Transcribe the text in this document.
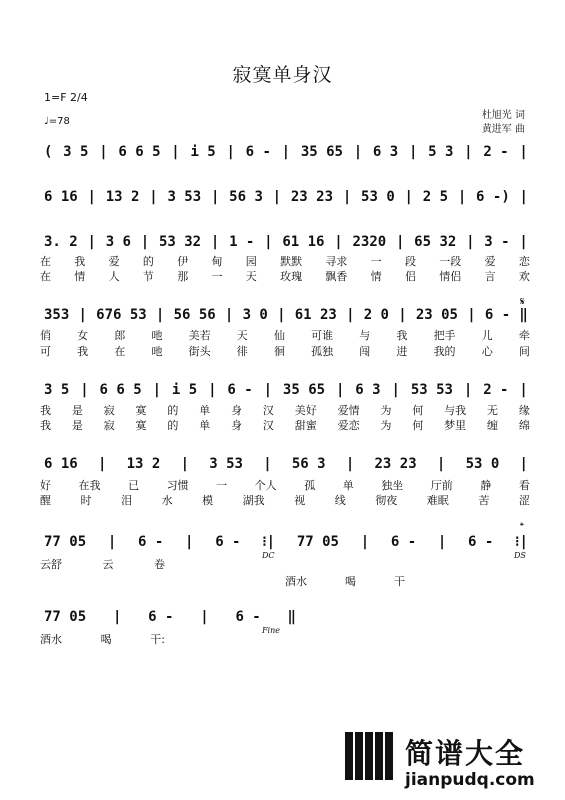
寂寞单身汉
1=F 2/4
♩=78
杜旭光 词
黄进军 曲
( 3 5 | 6 6 5 | i 5 | 6 - | 35 65 | 6 3 | 5 3 | 2 - |
6 16 | 13 2 | 3 53 | 56 3 | 23 23 | 53 0 | 2 5 | 6 -) |
3. 2 | 3 6 | 53 32 | 1 - | 61 16 | 2320 | 65 32 | 3 - |
在 我 爱 的 伊 甸 园 默默 寻求 一 段 一段 爱 恋
在 情 人 节 那 一 天 玫瑰 飘香 情 侣 情侣 言 欢
353 | 676 53 | 56 56 | 3 0 | 61 23 | 2 0 | 23 05 | 6 - ‖
俏 女 郎 吔 美若 天 仙 可谁 与 我 把手 儿 牵
可 我 在 吔 街头 徘 徊 孤独 闯 进 我的 心 间
3 5 | 6 6 5 | i 5 | 6 - | 35 65 | 6 3 | 53 53 | 2 - |
我 是 寂 寞 的 单 身 汉 美好 爱情 为 何 与我 无 缘
我 是 寂 寞 的 单 身 汉 甜蜜 爱恋 为 何 梦里 缠 绵
6 16 | 13 2 | 3 53 | 56 3 | 23 23 | 53 0 |
好	在我	已	习惯	一	个人	孤	单	独坐	厅前	静	看
醒	时	泪	水	模	湖我	视	线	彻夜	难眠	苦	涩
77 05 | 6 - | 6 - ⁝| 77 05 | 6 - | 6 - ⁝|
云舒	云	卷
酒水	喝	干
77 05 | 6 - | 6 - ‖
酒水	喝	干:
DC	DS
Fine
𝄋
𝄌
简谱大全
jianpudq.com
